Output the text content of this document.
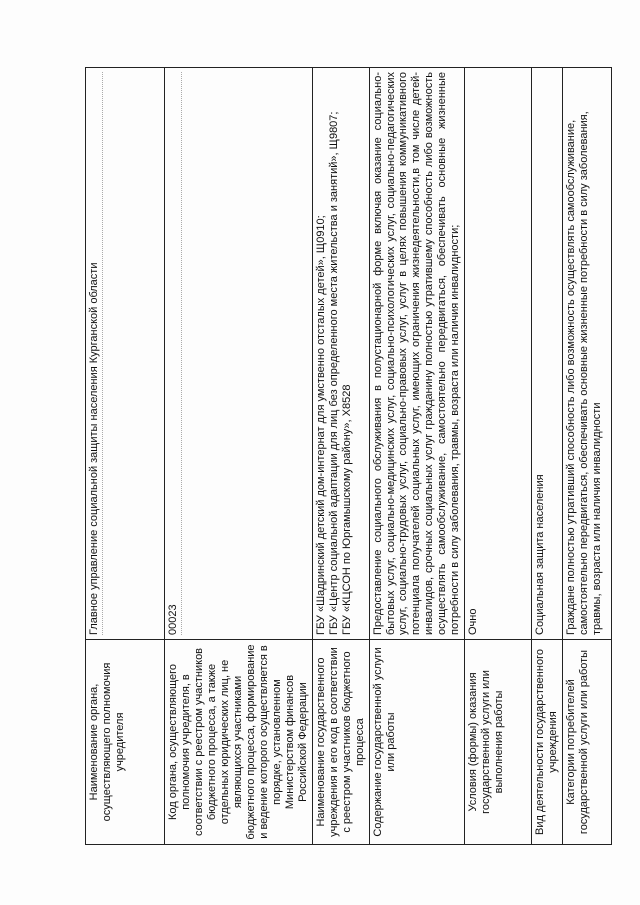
Наименование органа, осуществляющего полномочия учредителя	Главное управление социальной защиты населения Курганской области

Код органа, осуществляющего полномочия учредителя, в соответствии с реестром участников бюджетного процесса, а также отдельных юридических лиц, не являющихся участниками бюджетного процесса, формирование и ведение которого осуществляется в порядке, установленном Министерством финансов Российской Федерации	00023

Наименование государственного учреждения и его код в соответствии с реестром участников бюджетного процесса	ГБУ «Шадринский детский дом-интернат для умственно отсталых детей», Щ0910; ГБУ «Центр социальной адаптации для лиц без определенного места жительства и занятий», Щ9807; ГБУ «КЦСОН по Юргамышскому району», Х8528

Содержание государственной услуги или работы	Предоставление социального обслуживания в полустационарной форме включая оказание социально-бытовых услуг, социально-медицинских услуг, социально-психологических услуг, социально-педагогических услуг, социально-трудовых услуг, социально-правовых услуг, услуг в целях повышения коммуникативного потенциала получателей социальных услуг, имеющих ограничения жизнедеятельности,в том числе детей-инвалидов, срочных социальных услуг гражданину полностью утратившему способность либо возможность осуществлять самообслуживание, самостоятельно передвигаться, обеспечивать основные жизненные потребности в силу заболевания, травмы, возраста или наличия инвалидности;
Условия (формы) оказания государственной услуги или выполнения работы	Очно
Вид деятельности государственного учреждения	Социальная защита населения
Категории потребителей государственной услуги или работы	Граждане полностью утративший способность либо возможность осуществлять самообслуживание, самостоятельно передвигаться, обеспечивать основные жизненные потребности в силу заболевания, травмы, возраста или наличия инвалидности
